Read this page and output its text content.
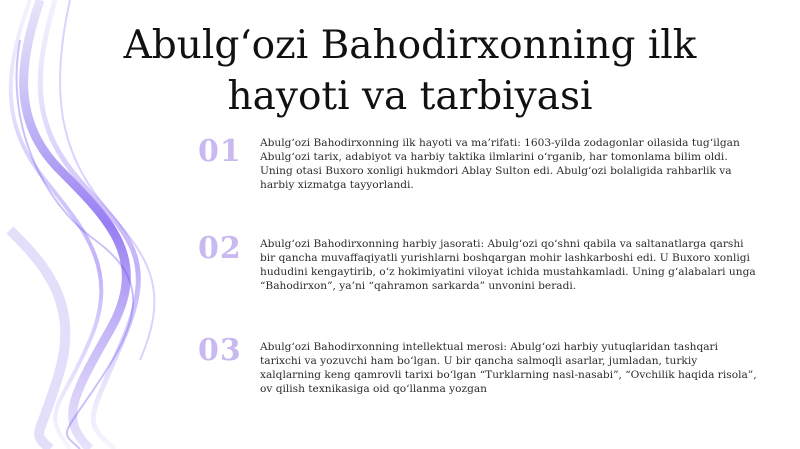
Abulg‘ozi Bahodirxonning ilk hayoti va tarbiyasi
01 Abulg‘ozi Bahodirxonning ilk hayoti va ma’rifati: 1603-yilda zodagonlar oilasida tug‘ilgan Abulg‘ozi tarix, adabiyot va harbiy taktika ilmlarini o‘rganib, har tomonlama bilim oldi. Uning otasi Buxoro xonligi hukmdori Ablay Sulton edi. Abulg‘ozi bolaligida rahbarlik va harbiy xizmatga tayyorlandi.
02 Abulg‘ozi Bahodirxonning harbiy jasorati: Abulg‘ozi qo‘shni qabila va saltanatlarga qarshi bir qancha muvaffaqiyatli yurishlarni boshqargan mohir lashkarboshi edi. U Buxoro xonligi hududini kengaytirib, o‘z hokimiyatini viloyat ichida mustahkamladi. Uning g‘alabalari unga “Bahodirxon”, ya’ni “qahramon sarkarda” unvonini beradi.
03 Abulg‘ozi Bahodirxonning intellektual merosi: Abulg‘ozi harbiy yutuqlaridan tashqari tarixchi va yozuvchi ham bo‘lgan. U bir qancha salmoqli asarlar, jumladan, turkiy xalqlarning keng qamrovli tarixi bo‘lgan “Turklarning nasl-nasabi”, “Ovchilik haqida risola”, ov qilish texnikasiga oid qo‘llanma yozgan
